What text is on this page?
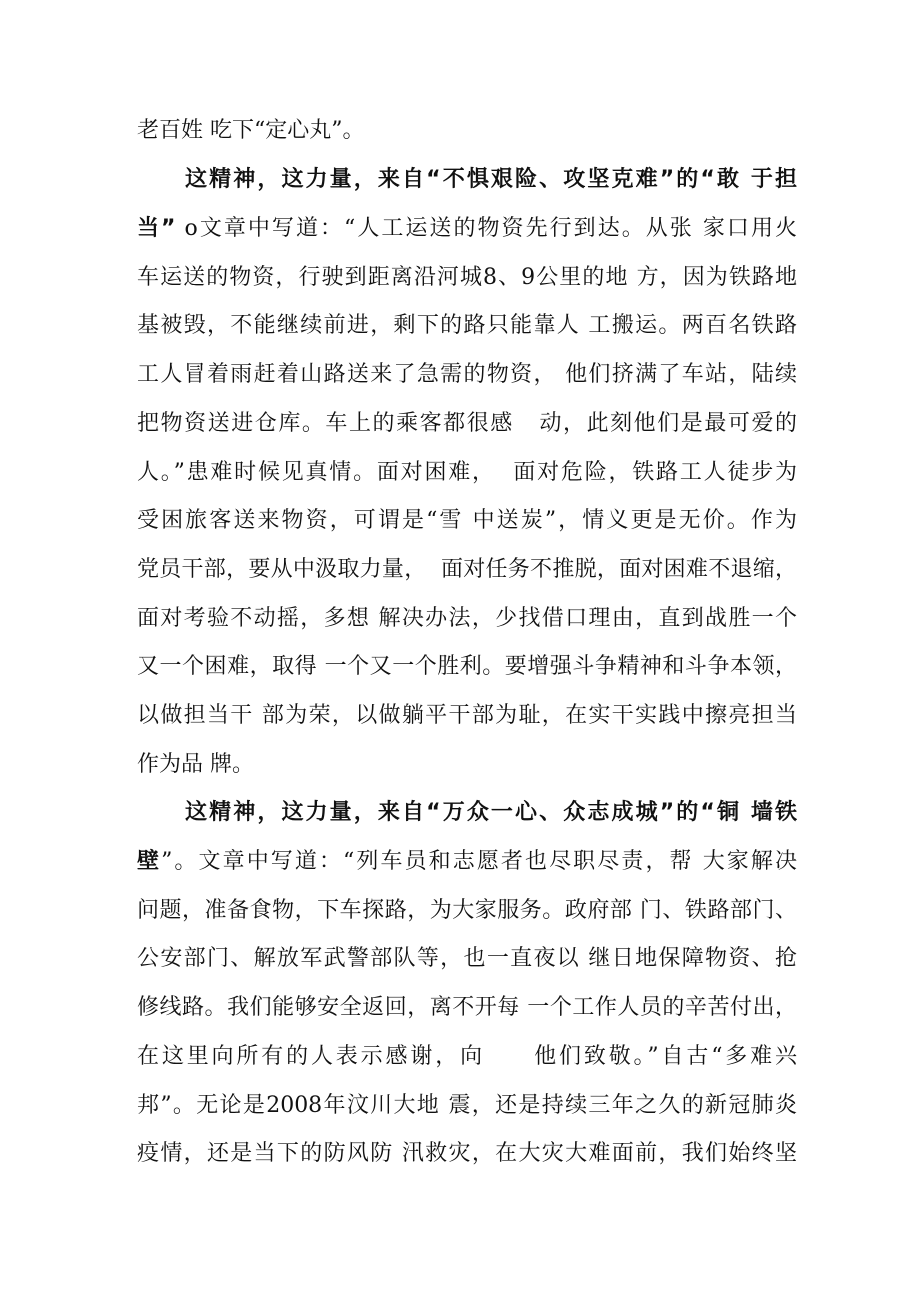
老百姓 吃下“定心丸”。
这精神，这力量，来自“不惧艰险、攻坚克难”的“敢 于担
当” o文章中写道：“人工运送的物资先行到达。从张 家口用火
车运送的物资，行驶到距离沿河城8、9公里的地 方，因为铁路地
基被毁，不能继续前进，剩下的路只能靠人 工搬运。两百名铁路
工人冒着雨赶着山路送来了急需的物资， 他们挤满了车站，陆续
把物资送进仓库。车上的乘客都很感   动，此刻他们是最可爱的
人。”患难时候见真情。面对困难，  面对危险，铁路工人徒步为
受困旅客送来物资，可谓是“雪 中送炭”，情义更是无价。作为
党员干部，要从中汲取力量，  面对任务不推脱，面对困难不退缩，
面对考验不动摇，多想 解决办法，少找借口理由，直到战胜一个
又一个困难，取得 一个又一个胜利。要增强斗争精神和斗争本领，
以做担当干 部为荣，以做躺平干部为耻，在实干实践中擦亮担当
作为品 牌。
这精神，这力量，来自“万众一心、众志成城”的“铜 墙铁
壁”。文章中写道：“列车员和志愿者也尽职尽责，帮 大家解决
问题，准备食物，下车探路，为大家服务。政府部 门、铁路部门、
公安部门、解放军武警部队等，也一直夜以 继日地保障物资、抢
修线路。我们能够安全返回，离不开每 一个工作人员的辛苦付出，
在这里向所有的人表示感谢，向     他们致敬。”自古“多难兴
邦”。无论是2008年汶川大地 震，还是持续三年之久的新冠肺炎
疫情，还是当下的防风防 汛救灾，在大灾大难面前，我们始终坚
